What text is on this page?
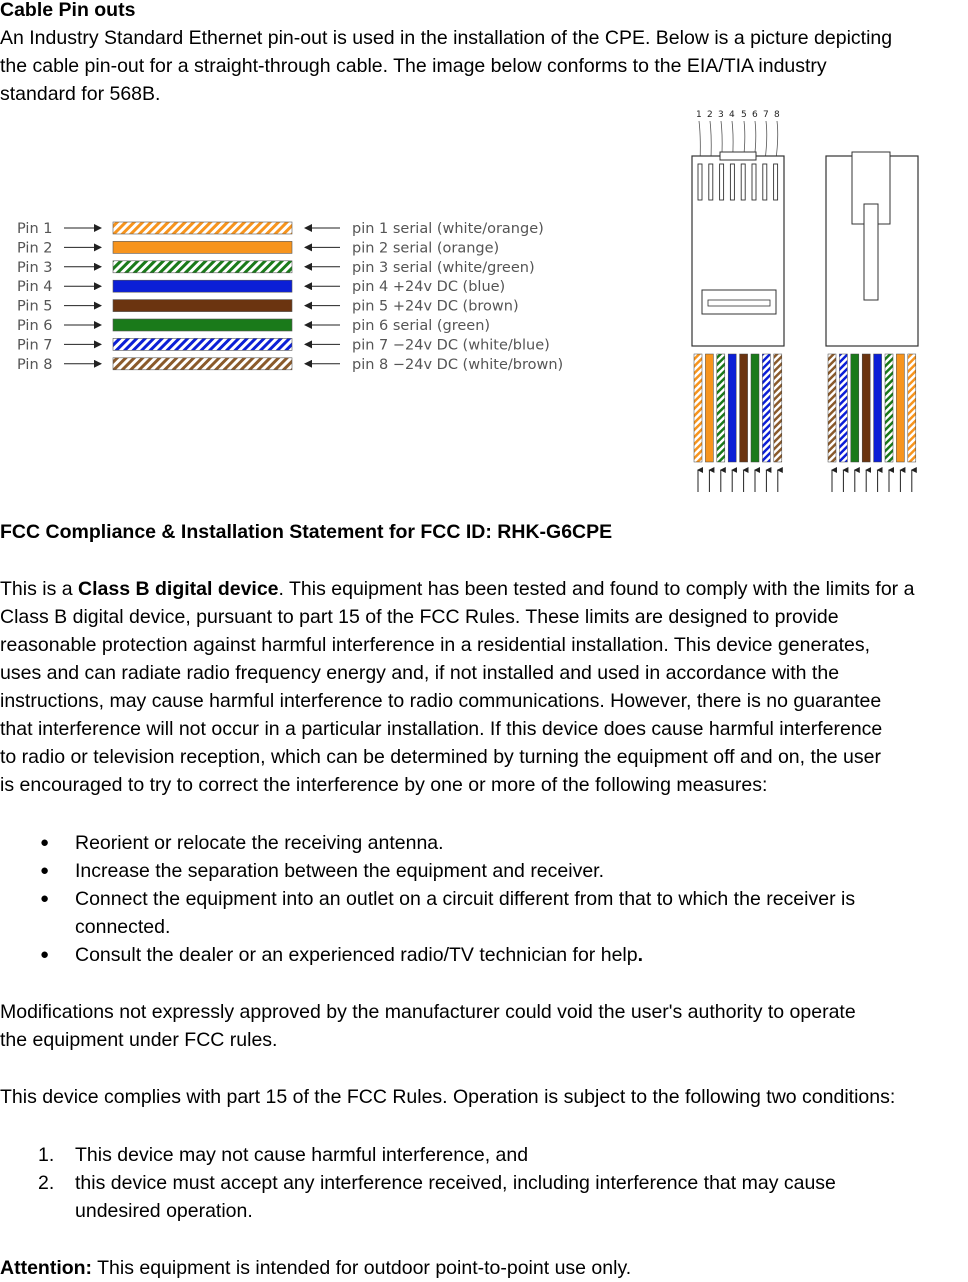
Cable Pin outs
An Industry Standard Ethernet pin-out is used in the installation of the CPE. Below is a picture depicting
the cable pin-out for a straight-through cable. The image below conforms to the EIA/TIA industry
standard for 568B.
Pin 1	pin 1 serial (white/orange)
Pin 2	pin 2 serial (orange)
Pin 3	pin 3 serial (white/green)
Pin 4	pin 4 +24v DC (blue)
Pin 5	pin 5 +24v DC (brown)
Pin 6	pin 6 serial (green)
Pin 7	pin 7 −24v DC (white/blue)
Pin 8	pin 8 −24v DC (white/brown)
1 2 3 4 5 6 7 8
FCC Compliance & Installation Statement for FCC ID: RHK-G6CPE
This is a Class B digital device. This equipment has been tested and found to comply with the limits for a
Class B digital device, pursuant to part 15 of the FCC Rules. These limits are designed to provide
reasonable protection against harmful interference in a residential installation. This device generates,
uses and can radiate radio frequency energy and, if not installed and used in accordance with the
instructions, may cause harmful interference to radio communications. However, there is no guarantee
that interference will not occur in a particular installation. If this device does cause harmful interference
to radio or television reception, which can be determined by turning the equipment off and on, the user
is encouraged to try to correct the interference by one or more of the following measures:
● Reorient or relocate the receiving antenna.
● Increase the separation between the equipment and receiver.
● Connect the equipment into an outlet on a circuit different from that to which the receiver is
connected.
● Consult the dealer or an experienced radio/TV technician for help.
Modifications not expressly approved by the manufacturer could void the user's authority to operate
the equipment under FCC rules.
This device complies with part 15 of the FCC Rules. Operation is subject to the following two conditions:
1. This device may not cause harmful interference, and
2. this device must accept any interference received, including interference that may cause
undesired operation.
Attention: This equipment is intended for outdoor point-to-point use only.
